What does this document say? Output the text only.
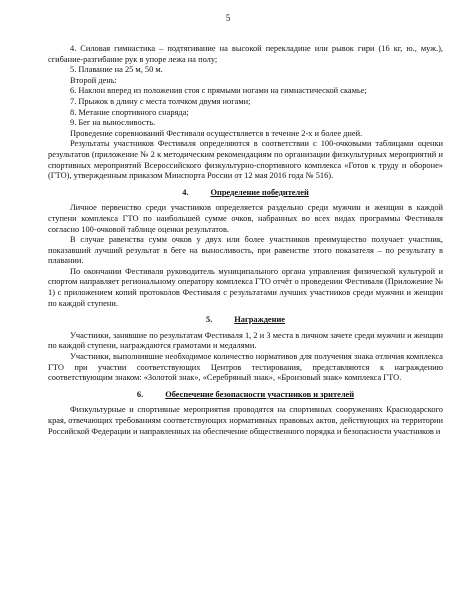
5

4. Силовая гимнастика – подтягивание на высокой перекладине или рывок гири (16 кг, ю., муж.), сгибание-разгибание рук в упоре лежа на полу;

5. Плавание на 25 м, 50 м.

Второй день:

6. Наклон вперед из положения стоя с прямыми ногами на гимнастической скамье;

7. Прыжок в длину с места толчком двумя ногами;

8. Метание спортивного снаряда;

9. Бег на выносливость.

Проведение соревнований Фестиваля осуществляется в течение 2-х и более дней.

Результаты участников Фестиваля определяются в соответствии с 100-очковыми таблицами оценки результатов (приложение № 2 к методическим рекомендациям по организации физкультурных мероприятий и спортивных мероприятий Всероссийского физкультурно-спортивного комплекса «Готов к труду и обороне» (ГТО), утвержденным приказом Минспорта России от 12 мая 2016 года № 516).

4.	Определение победителей

Личное первенство среди участников определяется раздельно среди мужчин и женщин в каждой ступени комплекса ГТО по наибольшей сумме очков, набранных во всех видах программы Фестиваля согласно 100-очковой таблице оценки результатов.

В случае равенства сумм очков у двух или более участников преимущество получает участник, показавший лучший результат в беге на выносливость, при равенстве этого показателя – по результату в плавании.

По окончании Фестиваля руководитель муниципального органа управления физической культурой и спортом направляет региональному оператору комплекса ГТО отчёт о проведении Фестиваля (Приложение № 1) с приложением копий протоколов Фестиваля с результатами лучших участников среди мужчин и женщин по каждой ступени.

5.	Награждение

Участники, занявшие по результатам Фестиваля 1, 2 и 3 места в личном зачете среди мужчин и женщин по каждой ступени, награждаются грамотами и медалями.

Участники, выполнившие необходимое количество нормативов для получения знака отличия комплекса ГТО при участии соответствующих Центров тестирования, представляются к награждению соответствующим знаком: «Золотой знак», «Серебряный знак», «Бронзовый знак» комплекса ГТО.

6.	Обеспечение безопасности участников и зрителей

Физкультурные и спортивные мероприятия проводятся на спортивных сооружениях Краснодарского края, отвечающих требованиям соответствующих нормативных правовых актов, действующих на территории Российской Федерации и направленных на обеспечение общественного порядка и безопасности участников и
